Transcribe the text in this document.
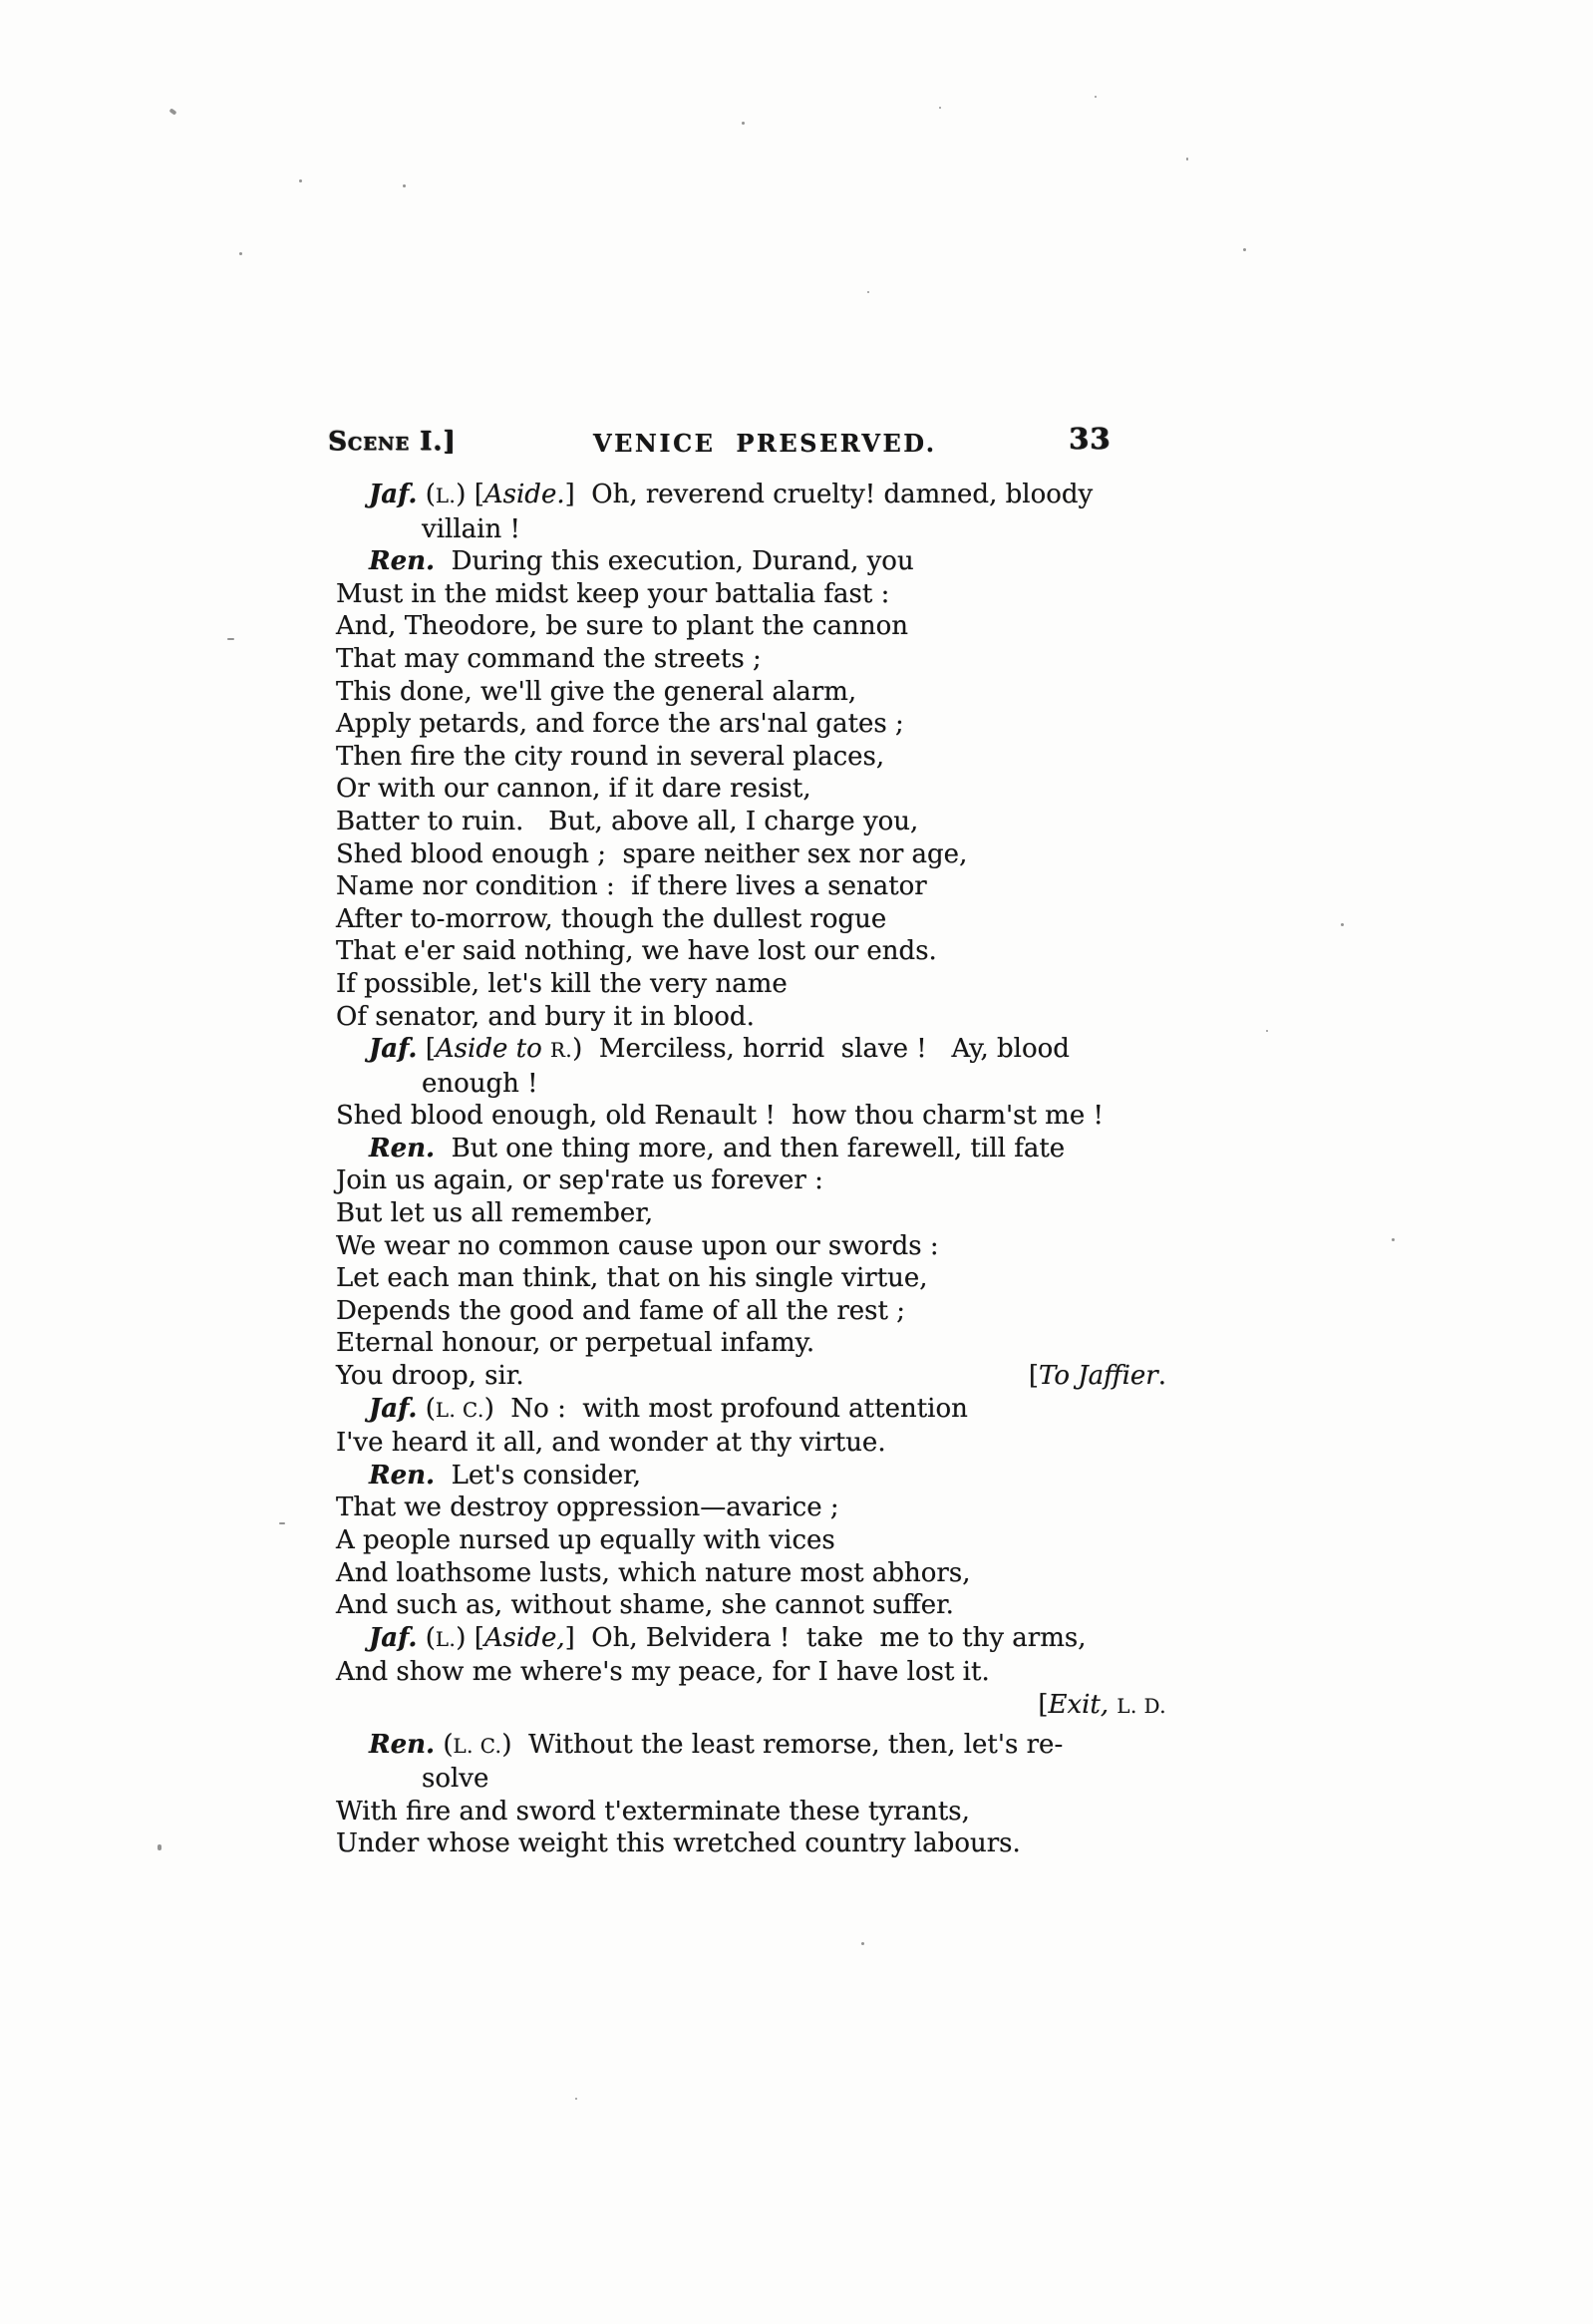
Scene I.]	VENICE PRESERVED.	33
Jaf. (L.) [Aside.]  Oh, reverend cruelty! damned, bloody
villain !
Ren.  During this execution, Durand, you
Must in the midst keep your battalia fast :
And, Theodore, be sure to plant the cannon
That may command the streets ;
This done, we'll give the general alarm,
Apply petards, and force the ars'nal gates ;
Then fire the city round in several places,
Or with our cannon, if it dare resist,
Batter to ruin.   But, above all, I charge you,
Shed blood enough ;  spare neither sex nor age,
Name nor condition :  if there lives a senator
After to-morrow, though the dullest rogue
That e'er said nothing, we have lost our ends.
If possible, let's kill the very name
Of senator, and bury it in blood.
Jaf. [Aside to R.)  Merciless, horrid  slave !   Ay, blood
enough !
Shed blood enough, old Renault !  how thou charm'st me !
Ren.  But one thing more, and then farewell, till fate
Join us again, or sep'rate us forever :
But let us all remember,
We wear no common cause upon our swords :
Let each man think, that on his single virtue,
Depends the good and fame of all the rest ;
Eternal honour, or perpetual infamy.
You droop, sir.	[To Jaffier.
Jaf. (L. C.)  No :  with most profound attention
I've heard it all, and wonder at thy virtue.
Ren.  Let's consider,
That we destroy oppression—avarice ;
A people nursed up equally with vices
And loathsome lusts, which nature most abhors,
And such as, without shame, she cannot suffer.
Jaf. (L.) [Aside,]  Oh, Belvidera !  take  me to thy arms,
And show me where's my peace, for I have lost it.
[Exit, L. D.
Ren. (L. C.)  Without the least remorse, then, let's re-
solve
With fire and sword t'exterminate these tyrants,
Under whose weight this wretched country labours.
